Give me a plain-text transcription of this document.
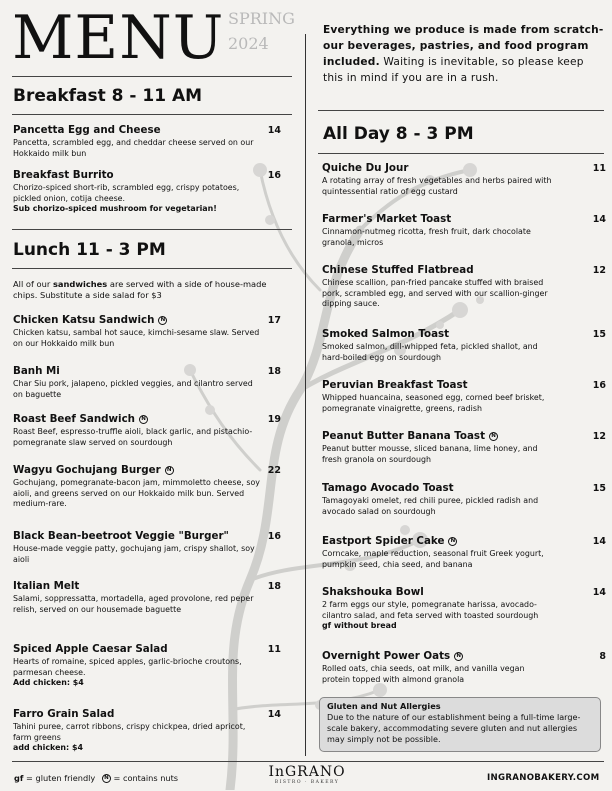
MENU SPRING
2024
Everything we produce is made from scratch- our beverages, pastries, and food program included. Waiting is inevitable, so please keep this in mind if you are in a rush.
Breakfast 8 - 11 AM
Lunch 11 - 3 PM
All Day 8 - 3 PM
All of our sandwiches are served with a side of house-made chips. Substitute a side salad for $3
Pancetta Egg and Cheese	14
Pancetta, scrambled egg, and cheddar cheese served on our Hokkaido milk bun
Breakfast Burrito	16
Chorizo-spiced short-rib, scrambled egg, crispy potatoes, pickled onion, cotija cheese.
Sub chorizo-spiced mushroom for vegetarian!
Chicken Katsu Sandwich N	17
Chicken katsu, sambal hot sauce, kimchi-sesame slaw. Served on our Hokkaido milk bun
Banh Mi	18
Char Siu pork, jalapeno, pickled veggies, and cilantro served on baguette
Roast Beef Sandwich N	19
Roast Beef, espresso-truffle aioli, black garlic, and pistachio-pomegranate slaw served on sourdough
Wagyu Gochujang Burger N	22
Gochujang, pomegranate-bacon jam, mimmoletto cheese, soy aioli, and greens served on our Hokkaido milk bun. Served medium-rare.
Black Bean-beetroot Veggie "Burger"	16
House-made veggie patty, gochujang jam, crispy shallot, soy aioli
Italian Melt	18
Salami, soppressatta, mortadella, aged provolone, red peper relish, served on our housemade baguette
Spiced Apple Caesar Salad	11
Hearts of romaine, spiced apples, garlic-brioche croutons, parmesan cheese.
Add chicken: $4
Farro Grain Salad	14
Tahini puree, carrot ribbons, crispy chickpea, dried apricot, farm greens
add chicken: $4
Quiche Du Jour	11
A rotating array of fresh vegetables and herbs paired with quintessential ratio of egg custard
Farmer's Market Toast	14
Cinnamon-nutmeg ricotta, fresh fruit, dark chocolate granola, micros
Chinese Stuffed Flatbread	12
Chinese scallion, pan-fried pancake stuffed with braised pork, scrambled egg, and served with our scallion-ginger dipping sauce.
Smoked Salmon Toast	15
Smoked salmon, dill-whipped feta, pickled shallot, and hard-boiled egg on sourdough
Peruvian Breakfast Toast	16
Whipped huancaina, seasoned egg, corned beef brisket, pomegranate vinaigrette, greens, radish
Peanut Butter Banana Toast N	12
Peanut butter mousse, sliced banana, lime honey, and fresh granola on sourdough
Tamago Avocado Toast	15
Tamagoyaki omelet, red chili puree, pickled radish and avocado salad on sourdough
Eastport Spider Cake N	14
Corncake, maple reduction, seasonal fruit Greek yogurt, pumpkin seed, chia seed, and banana
Shakshouka Bowl	14
2 farm eggs our style, pomegranate harissa, avocado-cilantro salad, and feta served with toasted sourdough
gf without bread
Overnight Power Oats N	8
Rolled oats, chia seeds, oat milk, and vanilla vegan protein topped with almond granola
Gluten and Nut Allergies
Due to the nature of our establishment being a full-time large-scale bakery, accommodating severe gluten and nut allergies may simply not be possible.
gf = gluten friendly N = contains nuts	InGRANO
BISTRO · BAKERY	INGRANOBAKERY.COM
